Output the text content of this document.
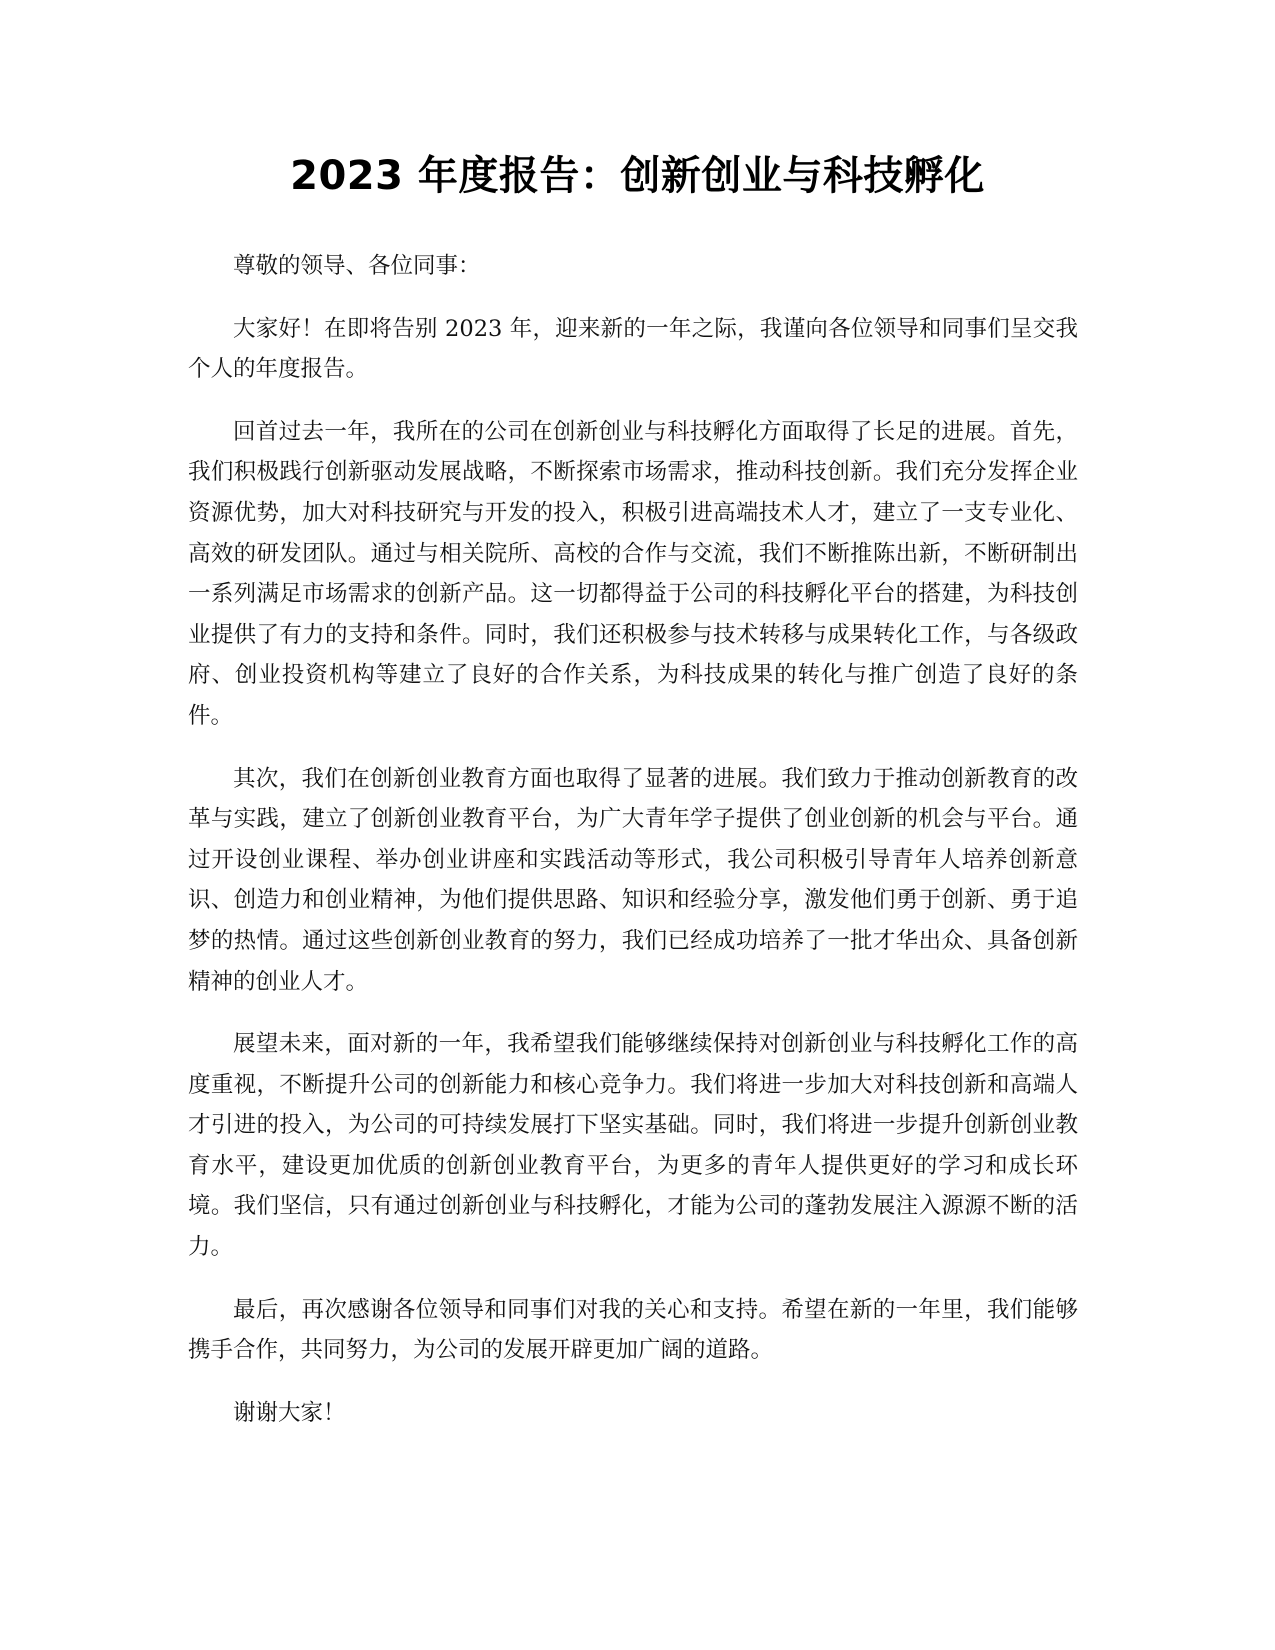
2023 年度报告：创新创业与科技孵化

尊敬的领导、各位同事：

大家好！在即将告别 2023 年，迎来新的一年之际，我谨向各位领导和同事们呈交我个人的年度报告。

回首过去一年，我所在的公司在创新创业与科技孵化方面取得了长足的进展。首先，我们积极践行创新驱动发展战略，不断探索市场需求，推动科技创新。我们充分发挥企业资源优势，加大对科技研究与开发的投入，积极引进高端技术人才，建立了一支专业化、高效的研发团队。通过与相关院所、高校的合作与交流，我们不断推陈出新，不断研制出一系列满足市场需求的创新产品。这一切都得益于公司的科技孵化平台的搭建，为科技创业提供了有力的支持和条件。同时，我们还积极参与技术转移与成果转化工作，与各级政府、创业投资机构等建立了良好的合作关系，为科技成果的转化与推广创造了良好的条件。

其次，我们在创新创业教育方面也取得了显著的进展。我们致力于推动创新教育的改革与实践，建立了创新创业教育平台，为广大青年学子提供了创业创新的机会与平台。通过开设创业课程、举办创业讲座和实践活动等形式，我公司积极引导青年人培养创新意识、创造力和创业精神，为他们提供思路、知识和经验分享，激发他们勇于创新、勇于追梦的热情。通过这些创新创业教育的努力，我们已经成功培养了一批才华出众、具备创新精神的创业人才。

展望未来，面对新的一年，我希望我们能够继续保持对创新创业与科技孵化工作的高度重视，不断提升公司的创新能力和核心竞争力。我们将进一步加大对科技创新和高端人才引进的投入，为公司的可持续发展打下坚实基础。同时，我们将进一步提升创新创业教育水平，建设更加优质的创新创业教育平台，为更多的青年人提供更好的学习和成长环境。我们坚信，只有通过创新创业与科技孵化，才能为公司的蓬勃发展注入源源不断的活力。

最后，再次感谢各位领导和同事们对我的关心和支持。希望在新的一年里，我们能够携手合作，共同努力，为公司的发展开辟更加广阔的道路。

谢谢大家！
